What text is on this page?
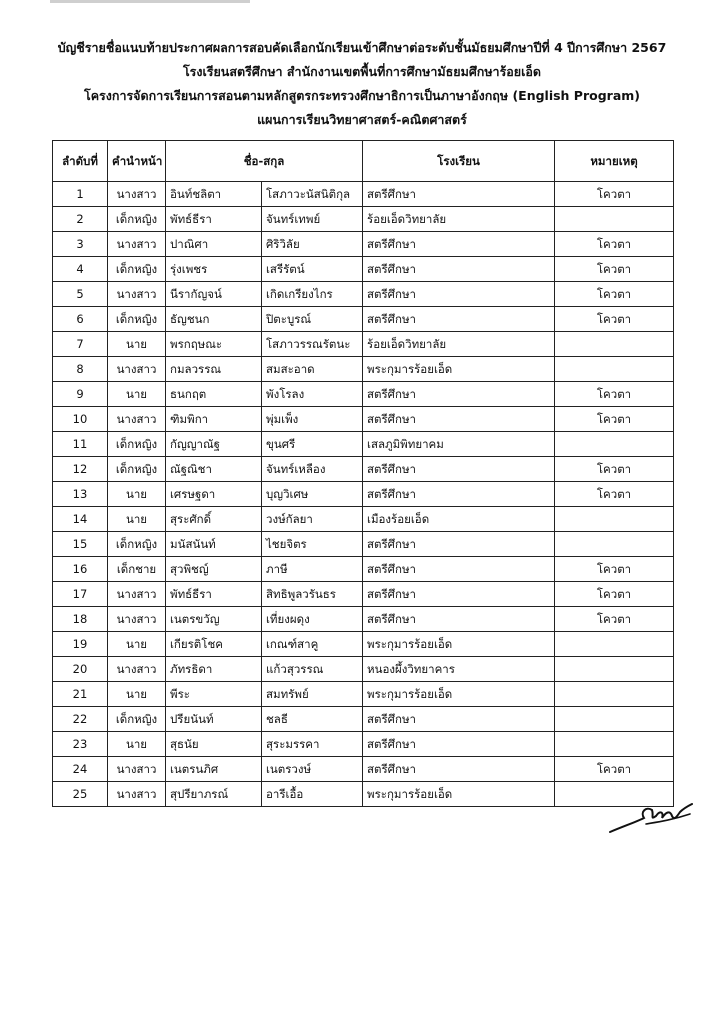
บัญชีรายชื่อแนบท้ายประกาศผลการสอบคัดเลือกนักเรียนเข้าศึกษาต่อระดับชั้นมัธยมศึกษาปีที่ 4 ปีการศึกษา 2567
โรงเรียนสตรีศึกษา สำนักงานเขตพื้นที่การศึกษามัธยมศึกษาร้อยเอ็ด
โครงการจัดการเรียนการสอนตามหลักสูตรกระทรวงศึกษาธิการเป็นภาษาอังกฤษ (English Program)
แผนการเรียนวิทยาศาสตร์-คณิตศาสตร์
ลำดับที่	คำนำหน้า	ชื่อ-สกุล		โรงเรียน	หมายเหตุ
1	นางสาว	อินท์ชลิตา	โสภาวะนัสนิติกุล	สตรีศึกษา	โควตา
2	เด็กหญิง	พัทธ์ธีรา	จันทร์เทพย์	ร้อยเอ็ดวิทยาลัย	
3	นางสาว	ปาณิศา	ศิริวิลัย	สตรีศึกษา	โควตา
4	เด็กหญิง	รุ่งเพชร	เสรีรัตน์	สตรีศึกษา	โควตา
5	นางสาว	นีรากัญจน์	เกิดเกรียงไกร	สตรีศึกษา	โควตา
6	เด็กหญิง	ธัญชนก	ปิตะบูรณ์	สตรีศึกษา	โควตา
7	นาย	พรกฤษณะ	โสภาวรรณรัตนะ	ร้อยเอ็ดวิทยาลัย	
8	นางสาว	กมลวรรณ	สมสะอาด	พระกุมารร้อยเอ็ด	
9	นาย	ธนกฤต	พังโรลง	สตรีศึกษา	โควตา
10	นางสาว	ฑิมพิกา	พุ่มเพ็ง	สตรีศึกษา	โควตา
11	เด็กหญิง	กัญญาณัฐ	ขุนศรี	เสลภูมิพิทยาคม	
12	เด็กหญิง	ณัฐณิชา	จันทร์เหลือง	สตรีศึกษา	โควตา
13	นาย	เศรษฐดา	บุญวิเศษ	สตรีศึกษา	โควตา
14	นาย	สุระศักดิ์	วงษ์กัลยา	เมืองร้อยเอ็ด	
15	เด็กหญิง	มนัสนันท์	ไชยจิตร	สตรีศึกษา	
16	เด็กชาย	สุวพิชญ์	ภาษี	สตรีศึกษา	โควตา
17	นางสาว	พัทธ์ธีรา	สิทธิพูลวรันธร	สตรีศึกษา	โควตา
18	นางสาว	เนตรขวัญ	เที่ยงผดุง	สตรีศึกษา	โควตา
19	นาย	เกียรติโชค	เกณฑ์สาคู	พระกุมารร้อยเอ็ด	
20	นางสาว	ภัทรธิดา	แก้วสุวรรณ	หนองผึ้งวิทยาคาร	
21	นาย	พีระ	สมทรัพย์	พระกุมารร้อยเอ็ด	
22	เด็กหญิง	ปรียนันท์	ชลธี	สตรีศึกษา	
23	นาย	สุธนัย	สุระมรรคา	สตรีศึกษา	
24	นางสาว	เนตรนภิศ	เนตรวงษ์	สตรีศึกษา	โควตา
25	นางสาว	สุปรียาภรณ์	อารีเอื้อ	พระกุมารร้อยเอ็ด	
